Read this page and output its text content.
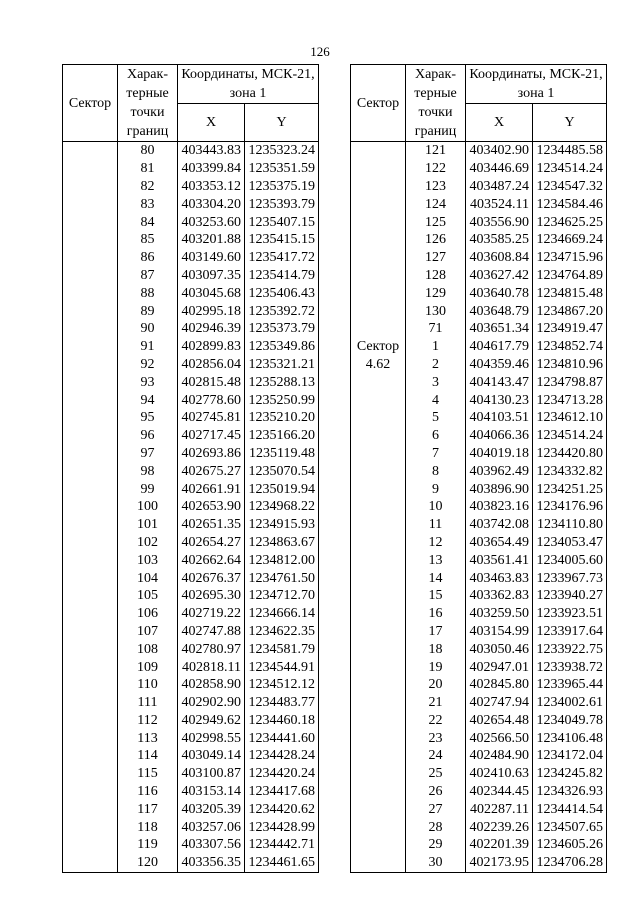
126
Сектор	Харак-терные точки границ	Координаты, МСК-21, зона 1	
		X	Y
	80	403443.83	1235323.24
	81	403399.84	1235351.59
	82	403353.12	1235375.19
	83	403304.20	1235393.79
	84	403253.60	1235407.15
	85	403201.88	1235415.15
	86	403149.60	1235417.72
	87	403097.35	1235414.79
	88	403045.68	1235406.43
	89	402995.18	1235392.72
	90	402946.39	1235373.79
	91	402899.83	1235349.86
	92	402856.04	1235321.21
	93	402815.48	1235288.13
	94	402778.60	1235250.99
	95	402745.81	1235210.20
	96	402717.45	1235166.20
	97	402693.86	1235119.48
	98	402675.27	1235070.54
	99	402661.91	1235019.94
	100	402653.90	1234968.22
	101	402651.35	1234915.93
	102	402654.27	1234863.67
	103	402662.64	1234812.00
	104	402676.37	1234761.50
	105	402695.30	1234712.70
	106	402719.22	1234666.14
	107	402747.88	1234622.35
	108	402780.97	1234581.79
	109	402818.11	1234544.91
	110	402858.90	1234512.12
	111	402902.90	1234483.77
	112	402949.62	1234460.18
	113	402998.55	1234441.60
	114	403049.14	1234428.24
	115	403100.87	1234420.24
	116	403153.14	1234417.68
	117	403205.39	1234420.62
	118	403257.06	1234428.99
	119	403307.56	1234442.71
	120	403356.35	1234461.65
Сектор	Харак-терные точки границ	Координаты, МСК-21, зона 1	
		X	Y
	121	403402.90	1234485.58
	122	403446.69	1234514.24
	123	403487.24	1234547.32
	124	403524.11	1234584.46
	125	403556.90	1234625.25
	126	403585.25	1234669.24
	127	403608.84	1234715.96
	128	403627.42	1234764.89
	129	403640.78	1234815.48
	130	403648.79	1234867.20
	71	403651.34	1234919.47
Сектор	1	404617.79	1234852.74
4.62	2	404359.46	1234810.96
	3	404143.47	1234798.87
	4	404130.23	1234713.28
	5	404103.51	1234612.10
	6	404066.36	1234514.24
	7	404019.18	1234420.80
	8	403962.49	1234332.82
	9	403896.90	1234251.25
	10	403823.16	1234176.96
	11	403742.08	1234110.80
	12	403654.49	1234053.47
	13	403561.41	1234005.60
	14	403463.83	1233967.73
	15	403362.83	1233940.27
	16	403259.50	1233923.51
	17	403154.99	1233917.64
	18	403050.46	1233922.75
	19	402947.01	1233938.72
	20	402845.80	1233965.44
	21	402747.94	1234002.61
	22	402654.48	1234049.78
	23	402566.50	1234106.48
	24	402484.90	1234172.04
	25	402410.63	1234245.82
	26	402344.45	1234326.93
	27	402287.11	1234414.54
	28	402239.26	1234507.65
	29	402201.39	1234605.26
	30	402173.95	1234706.28
